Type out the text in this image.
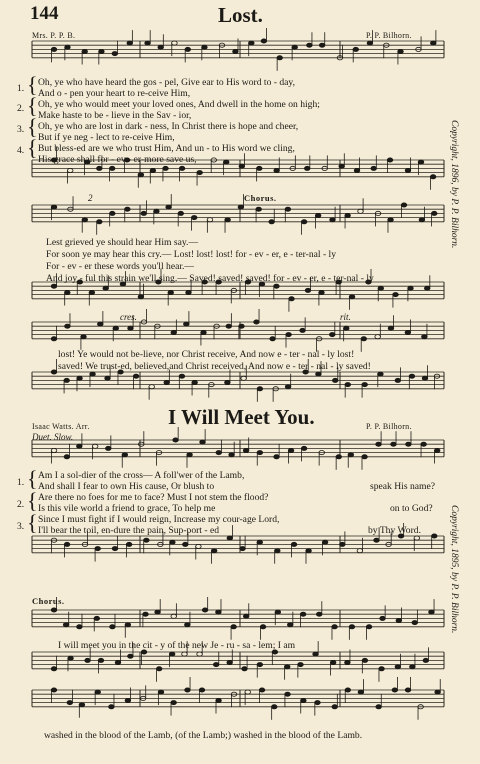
144	Lost.
Mrs. P. P. B.	P. P. Bilhorn.
1.
2.
3.
4.
{
{
{
{
Oh, ye who have heard the gos - pel, Give ear to His word to - day,
And o - pen your heart to re-ceive Him,
Oh, ye who would meet your loved ones, And dwell in the home on high;
Make haste to be - lieve in the Sav - ior,
Oh, ye who are lost in dark - ness, In Christ there is hope and cheer,
But if ye neg - lect to re-ceive Him,
But bless-ed are we who trust Him, And un - to His word we cling,
His grace shall for - ev - er-more save us,	Copyright, 1896, by P. P. Bilhorn.
Chorus.
2
Lest grieved ye should hear Him say.—
For soon ye may hear this cry.— Lost! lost! lost! for - ev - er, e - ter-nal - ly
For - ev - er these words you'll hear.—
And joy - ful this strain we'll sing.— Saved! saved! saved! for - ev - er, e - ter-nal - ly
cres.	rit.
lost! Ye would not be-lieve, nor Christ receive, And now e - ter - nal - ly lost!
saved! We trust-ed, believed,and Christ received, And now e - ter - nal - ly saved!
I Will Meet You.
Isaac Watts. Arr.	P. P. Bilhorn.
Duet. Slow.
1.
2.
3.
{
{
{
Am I a sol-dier of the cross— A foll'wer of the Lamb,
And shall I fear to own His cause, Or blush to	speak His name?
Are there no foes for me to face? Must I not stem the flood?
Is this vile world a friend to grace, To help me	on to God?
Since I must fight if I would reign, Increase my cour-age Lord,
I'll bear the toil, en-dure the pain, Sup-port - ed	by Thy Word.	Copyright, 1895, by P. P. Bilhorn.
Chorus.
I will meet you in the cit - y of the new Je - ru - sa - lem; I am
washed in the blood of the Lamb, (of the Lamb;) washed in the blood of the Lamb.
